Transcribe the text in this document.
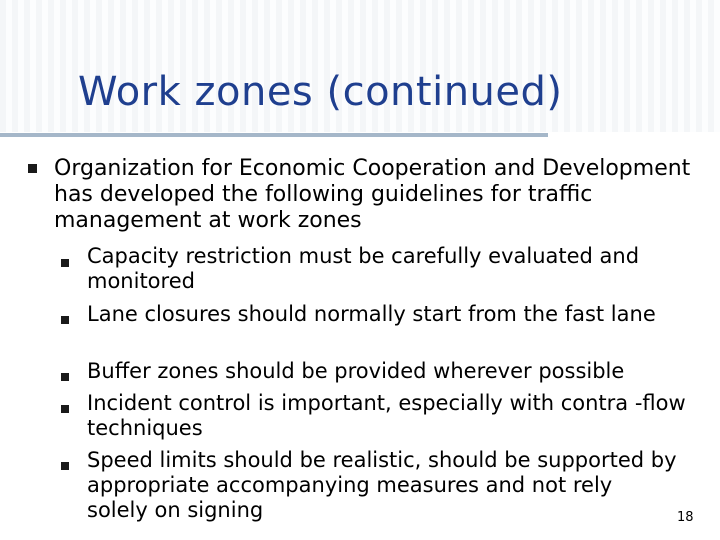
Work zones (continued)
Organization for Economic Cooperation and Development has developed the following guidelines for traffic management at work zones
Capacity restriction must be carefully evaluated and monitored
Lane closures should normally start from the fast lane
Buffer zones should be provided wherever possible
Incident control is important, especially with contra -flow techniques
Speed limits should be realistic, should be supported by appropriate accompanying measures and not rely solely on signing	18
